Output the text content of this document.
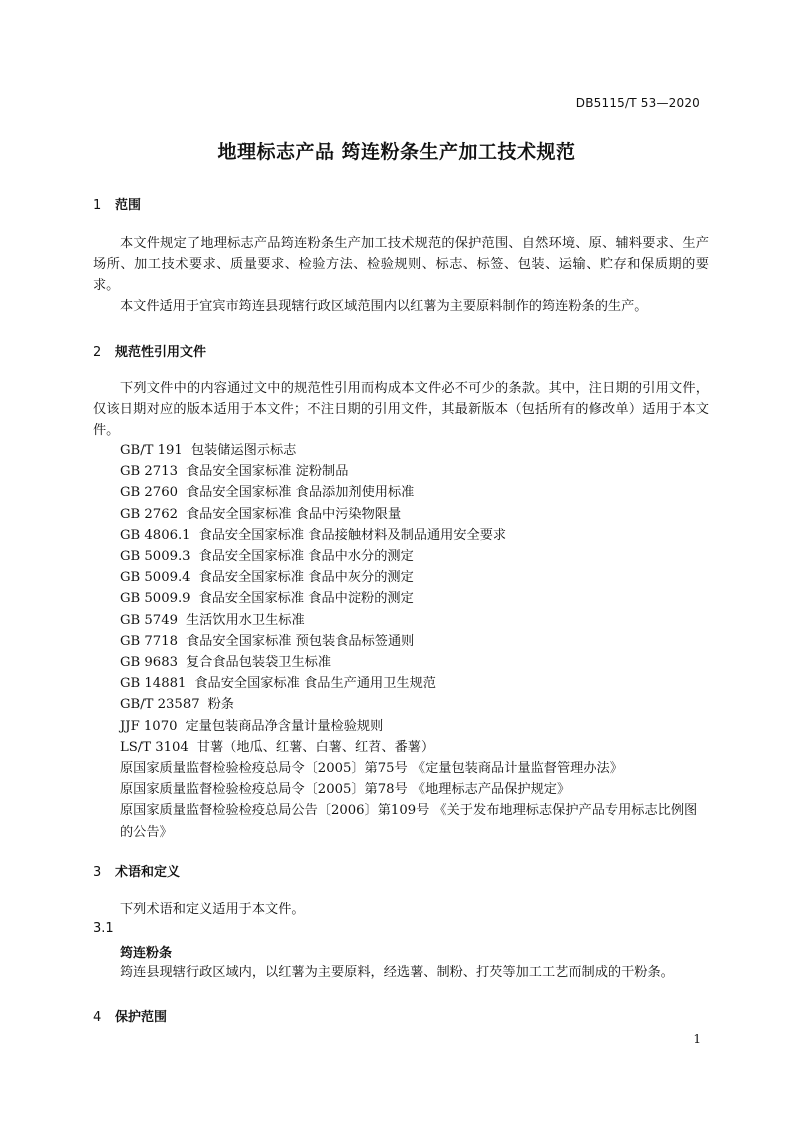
DB5115/T 53—2020
地理标志产品 筠连粉条生产加工技术规范
1 范围

本文件规定了地理标志产品筠连粉条生产加工技术规范的保护范围、自然环境、原、辅料要求、生产场所、加工技术要求、质量要求、检验方法、检验规则、标志、标签、包装、运输、贮存和保质期的要求。

本文件适用于宜宾市筠连县现辖行政区域范围内以红薯为主要原料制作的筠连粉条的生产。

2 规范性引用文件

下列文件中的内容通过文中的规范性引用而构成本文件必不可少的条款。其中，注日期的引用文件，仅该日期对应的版本适用于本文件；不注日期的引用文件，其最新版本（包括所有的修改单）适用于本文件。

GB/T 191 包装储运图示标志
GB 2713 食品安全国家标准 淀粉制品
GB 2760 食品安全国家标准 食品添加剂使用标准
GB 2762 食品安全国家标准 食品中污染物限量
GB 4806.1 食品安全国家标准 食品接触材料及制品通用安全要求
GB 5009.3 食品安全国家标准 食品中水分的测定
GB 5009.4 食品安全国家标准 食品中灰分的测定
GB 5009.9 食品安全国家标准 食品中淀粉的测定
GB 5749 生活饮用水卫生标准
GB 7718 食品安全国家标准 预包装食品标签通则
GB 9683 复合食品包装袋卫生标准
GB 14881 食品安全国家标准 食品生产通用卫生规范
GB/T 23587 粉条
JJF 1070 定量包装商品净含量计量检验规则
LS/T 3104 甘薯（地瓜、红薯、白薯、红苕、番薯）
原国家质量监督检验检疫总局令〔2005〕第75号 《定量包装商品计量监督管理办法》
原国家质量监督检验检疫总局令〔2005〕第78号 《地理标志产品保护规定》
原国家质量监督检验检疫总局公告〔2006〕第109号 《关于发布地理标志保护产品专用标志比例图的公告》
3 术语和定义

下列术语和定义适用于本文件。

3.1
筠连粉条
筠连县现辖行政区域内，以红薯为主要原料，经选薯、制粉、打芡等加工工艺而制成的干粉条。
4 保护范围
1
